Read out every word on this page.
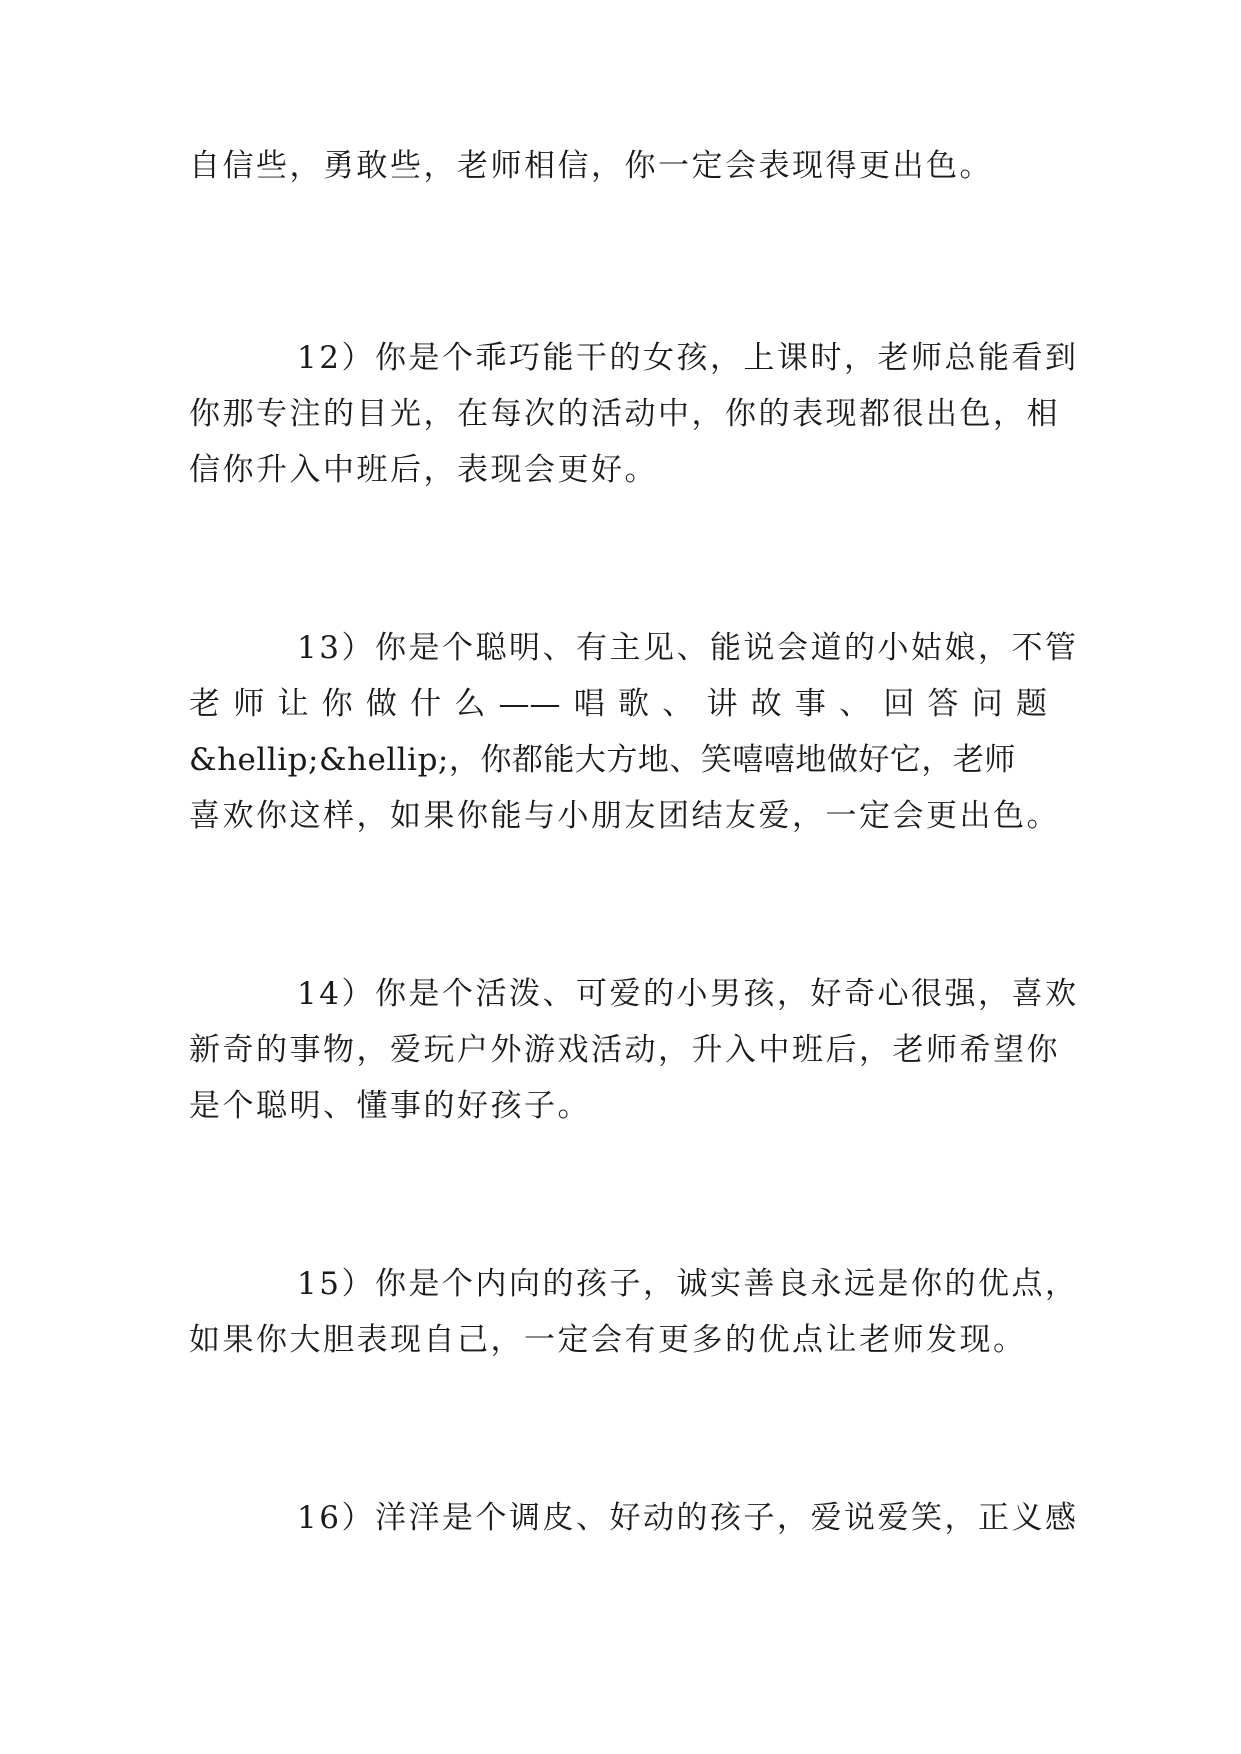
自信些，勇敢些，老师相信，你一定会表现得更出色。
12）你是个乖巧能干的女孩，上课时，老师总能看到
你那专注的目光，在每次的活动中，你的表现都很出色，相
信你升入中班后，表现会更好。
13）你是个聪明、有主见、能说会道的小姑娘，不管
老师让你做什么——唱歌、讲故事、回答问题
&hellip;&hellip;，你都能大方地、笑嘻嘻地做好它，老师
喜欢你这样，如果你能与小朋友团结友爱，一定会更出色。
14）你是个活泼、可爱的小男孩，好奇心很强，喜欢
新奇的事物，爱玩户外游戏活动，升入中班后，老师希望你
是个聪明、懂事的好孩子。
15）你是个内向的孩子，诚实善良永远是你的优点，
如果你大胆表现自己，一定会有更多的优点让老师发现。
16）洋洋是个调皮、好动的孩子，爱说爱笑，正义感
